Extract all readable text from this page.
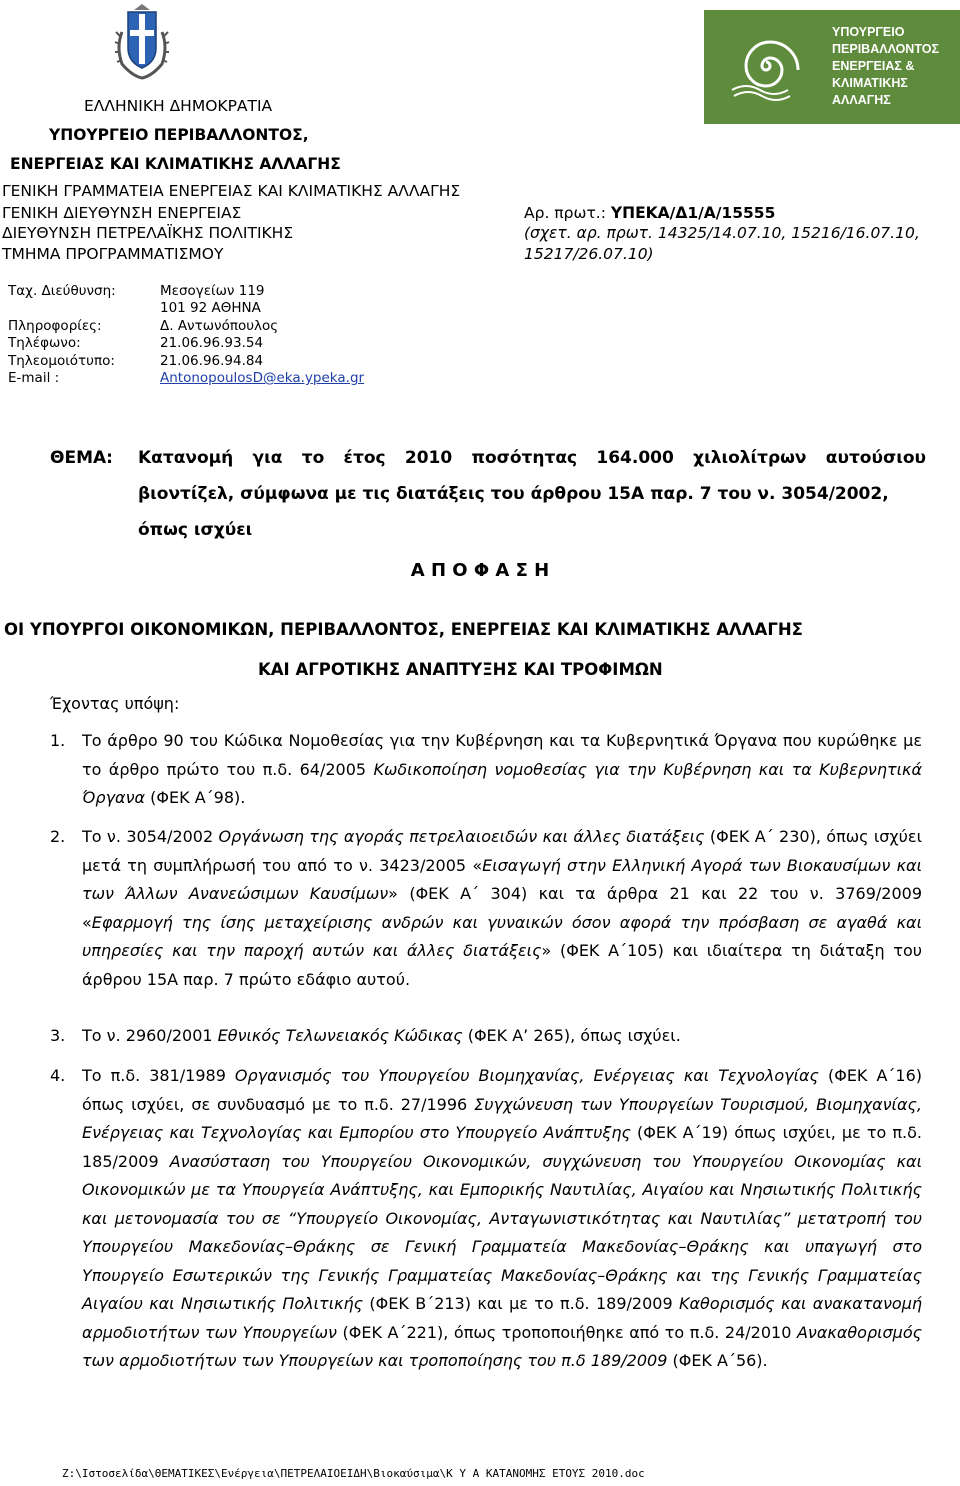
ΕΛΛΗΝΙΚΗ ΔΗΜΟΚΡΑΤΙΑ
ΥΠΟΥΡΓΕΙΟ ΠΕΡΙΒΑΛΛΟΝΤΟΣ,
ΕΝΕΡΓΕΙΑΣ ΚΑΙ ΚΛΙΜΑΤΙΚΗΣ ΑΛΛΑΓΗΣ
ΓΕΝΙΚΗ ΓΡΑΜΜΑΤΕΙΑ ΕΝΕΡΓΕΙΑΣ ΚΑΙ ΚΛΙΜΑΤΙΚΗΣ ΑΛΛΑΓΗΣ
ΓΕΝΙΚΗ ΔΙΕΥΘΥΝΣΗ ΕΝΕΡΓΕΙΑΣ
ΔΙΕΥΘΥΝΣΗ ΠΕΤΡΕΛΑΪΚΗΣ ΠΟΛΙΤΙΚΗΣ
ΤΜΗΜΑ ΠΡΟΓΡΑΜΜΑΤΙΣΜΟΥ
ΥΠΟΥΡΓΕΙΟ
ΠΕΡΙΒΑΛΛΟΝΤΟΣ
ΕΝΕΡΓΕΙΑΣ &
ΚΛΙΜΑΤΙΚΗΣ
ΑΛΛΑΓΗΣ
Αρ. πρωτ.: ΥΠΕΚΑ/Δ1/Α/15555
(σχετ. αρ. πρωτ. 14325/14.07.10, 15216/16.07.10,
15217/26.07.10)
Ταχ. Διεύθυνση:	Μεσογείων 119
101 92 ΑΘΗΝΑ
Πληροφορίες:	Δ. Αντωνόπουλος
Τηλέφωνο:	21.06.96.93.54
Τηλεομοιότυπο:	21.06.96.94.84
E-mail :	AntonopoulosD@eka.ypeka.gr
ΘΕΜΑ: Κατανομή για το έτος 2010 ποσότητας 164.000 χιλιολίτρων αυτούσιου
βιοντίζελ, σύμφωνα με τις διατάξεις του άρθρου 15Α παρ. 7 του ν. 3054/2002,
όπως ισχύει
Α Π Ο Φ Α Σ Η
ΟΙ ΥΠΟΥΡΓΟΙ ΟΙΚΟΝΟΜΙΚΩΝ, ΠΕΡΙΒΑΛΛΟΝΤΟΣ, ΕΝΕΡΓΕΙΑΣ ΚΑΙ ΚΛΙΜΑΤΙΚΗΣ ΑΛΛΑΓΗΣ
ΚΑΙ ΑΓΡΟΤΙΚΗΣ ΑΝΑΠΤΥΞΗΣ ΚΑΙ ΤΡΟΦΙΜΩΝ
Έχοντας υπόψη:
1. Το άρθρο 90 του Κώδικα Νομοθεσίας για την Κυβέρνηση και τα Κυβερνητικά Όργανα που κυρώθηκε με το άρθρο πρώτο του π.δ. 64/2005 Κωδικοποίηση νομοθεσίας για την Κυβέρνηση και τα Κυβερνητικά Όργανα (ΦΕΚ Α΄98).
2. Το ν. 3054/2002 Οργάνωση της αγοράς πετρελαιοειδών και άλλες διατάξεις (ΦΕΚ Α΄ 230), όπως ισχύει μετά τη συμπλήρωσή του από το ν. 3423/2005 «Εισαγωγή στην Ελληνική Αγορά των Βιοκαυσίμων και των Άλλων Ανανεώσιμων Καυσίμων» (ΦΕΚ Α΄ 304) και τα άρθρα 21 και 22 του ν. 3769/2009 «Εφαρμογή της ίσης μεταχείρισης ανδρών και γυναικών όσον αφορά την πρόσβαση σε αγαθά και υπηρεσίες και την παροχή αυτών και άλλες διατάξεις» (ΦΕΚ Α΄105) και ιδιαίτερα τη διάταξη του άρθρου 15Α παρ. 7 πρώτο εδάφιο αυτού.
3. Το ν. 2960/2001 Εθνικός Τελωνειακός Κώδικας (ΦΕΚ Α’ 265), όπως ισχύει.
4. Το π.δ. 381/1989 Οργανισμός του Υπουργείου Βιομηχανίας, Ενέργειας και Τεχνολογίας (ΦΕΚ Α΄16) όπως ισχύει, σε συνδυασμό με το π.δ. 27/1996 Συγχώνευση των Υπουργείων Τουρισμού, Βιομηχανίας, Ενέργειας και Τεχνολογίας και Εμπορίου στο Υπουργείο Ανάπτυξης (ΦΕΚ Α΄19) όπως ισχύει, με το π.δ. 185/2009 Ανασύσταση του Υπουργείου Οικονομικών, συγχώνευση του Υπουργείου Οικονομίας και Οικονομικών με τα Υπουργεία Ανάπτυξης, και Εμπορικής Ναυτιλίας, Αιγαίου και Νησιωτικής Πολιτικής και μετονομασία του σε “Υπουργείο Οικονομίας, Ανταγωνιστικότητας και Ναυτιλίας” μετατροπή του Υπουργείου Μακεδονίας–Θράκης σε Γενική Γραμματεία Μακεδονίας–Θράκης και υπαγωγή στο Υπουργείο Εσωτερικών της Γενικής Γραμματείας Μακεδονίας–Θράκης και της Γενικής Γραμματείας Αιγαίου και Νησιωτικής Πολιτικής (ΦΕΚ Β΄213) και με το π.δ. 189/2009 Καθορισμός και ανακατανομή αρμοδιοτήτων των Υπουργείων (ΦΕΚ Α΄221), όπως τροποποιήθηκε από το π.δ. 24/2010 Ανακαθορισμός των αρμοδιοτήτων των Υπουργείων και τροποποίησης του π.δ 189/2009 (ΦΕΚ Α΄56).
Z:\Ιστοσελίδα\ΘΕΜΑΤΙΚΕΣ\Ενέργεια\ΠΕΤΡΕΛΑΙΟΕΙΔΗ\Βιοκαύσιμα\Κ Υ Α ΚΑΤΑΝΟΜΗΣ ΕΤΟΥΣ 2010.doc
